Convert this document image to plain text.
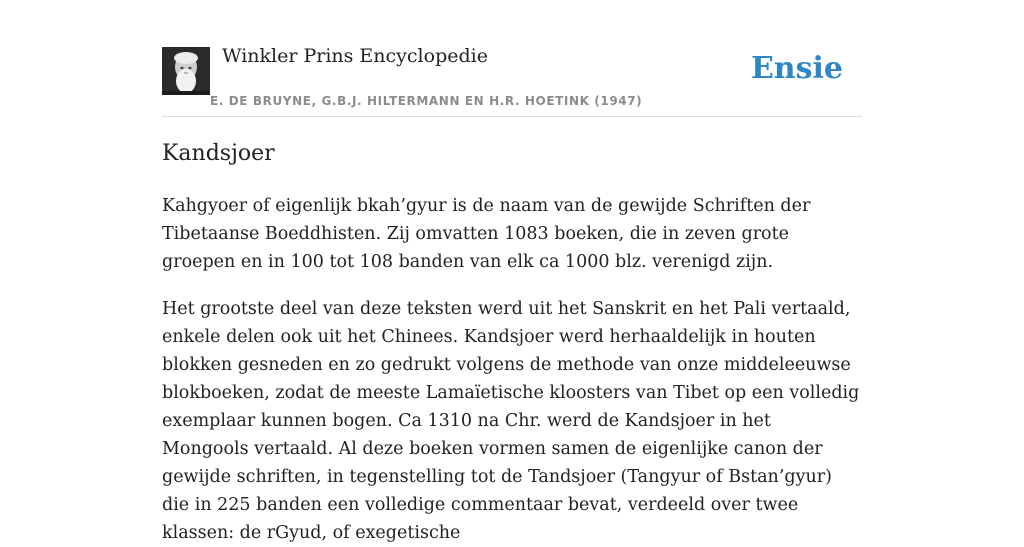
Winkler Prins Encyclopedie
E. DE BRUYNE, G.B.J. HILTERMANN EN H.R. HOETINK (1947)
Ensie
Kandsjoer

Kahgyoer of eigenlijk bkah’gyur is de naam van de gewijde Schriften der Tibetaanse Boeddhisten. Zij omvatten 1083 boeken, die in zeven grote groepen en in 100 tot 108 banden van elk ca 1000 blz. verenigd zijn.

Het grootste deel van deze teksten werd uit het Sanskrit en het Pali vertaald, enkele delen ook uit het Chinees. Kandsjoer werd herhaaldelijk in houten blokken gesneden en zo gedrukt volgens de methode van onze middeleeuwse blokboeken, zodat de meeste Lamaïetische kloosters van Tibet op een volledig exemplaar kunnen bogen. Ca 1310 na Chr. werd de Kandsjoer in het Mongools vertaald. Al deze boeken vormen samen de eigenlijke canon der gewijde schriften, in tegenstelling tot de Tandsjoer (Tangyur of Bstan’gyur) die in 225 banden een volledige commentaar bevat, verdeeld over twee klassen: de rGyud, of exegetische
